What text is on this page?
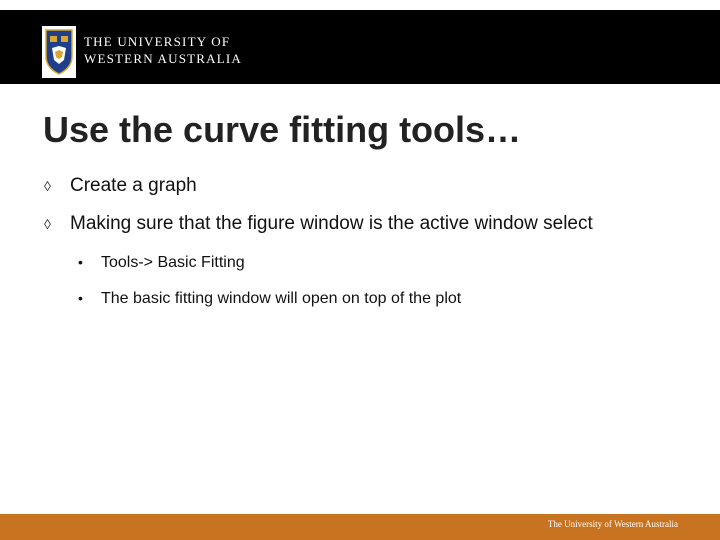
THE UNIVERSITY OF
WESTERN AUSTRALIA
Use the curve fitting tools…
◊ Create a graph
◊ Making sure that the figure window is the active window select
• Tools-> Basic Fitting
• The basic fitting window will open on top of the plot
The University of Western Australia
